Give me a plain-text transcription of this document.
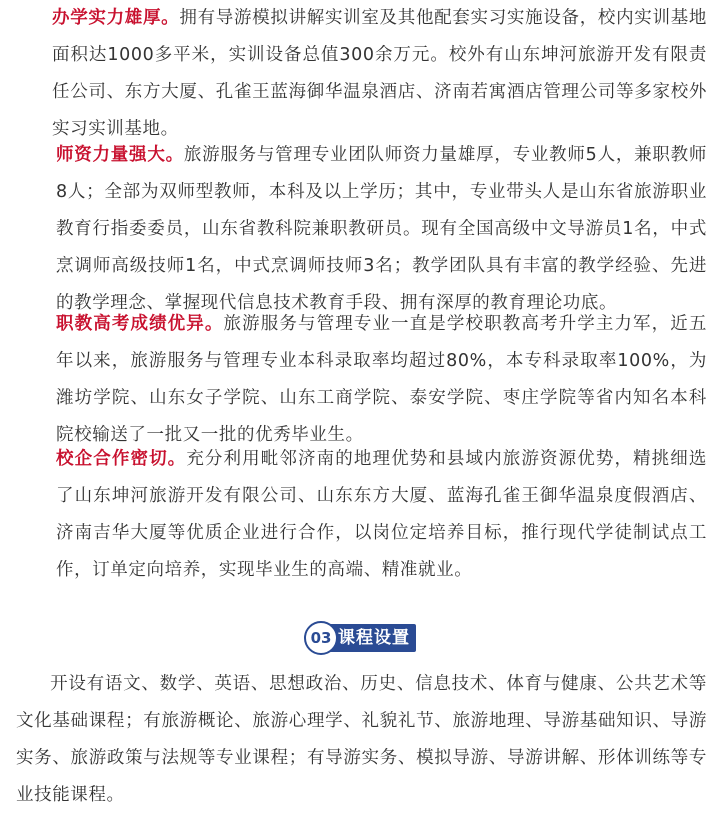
办学实力雄厚。拥有导游模拟讲解实训室及其他配套实习实施设备，校内实训基地面积达1000多平米，实训设备总值300余万元。校外有山东坤河旅游开发有限责任公司、东方大厦、孔雀王蓝海御华温泉酒店、济南若寓酒店管理公司等多家校外实习实训基地。

师资力量强大。旅游服务与管理专业团队师资力量雄厚，专业教师5人，兼职教师8人；全部为双师型教师，本科及以上学历；其中，专业带头人是山东省旅游职业教育行指委委员，山东省教科院兼职教研员。现有全国高级中文导游员1名，中式烹调师高级技师1名，中式烹调师技师3名；教学团队具有丰富的教学经验、先进的教学理念、掌握现代信息技术教育手段、拥有深厚的教育理论功底。

职教高考成绩优异。旅游服务与管理专业一直是学校职教高考升学主力军，近五年以来，旅游服务与管理专业本科录取率均超过80%，本专科录取率100%，为潍坊学院、山东女子学院、山东工商学院、泰安学院、枣庄学院等省内知名本科院校输送了一批又一批的优秀毕业生。

校企合作密切。充分利用毗邻济南的地理优势和县域内旅游资源优势，精挑细选了山东坤河旅游开发有限公司、山东东方大厦、蓝海孔雀王御华温泉度假酒店、济南吉华大厦等优质企业进行合作，以岗位定培养目标，推行现代学徒制试点工作，订单定向培养，实现毕业生的高端、精准就业。

03 课程设置

开设有语文、数学、英语、思想政治、历史、信息技术、体育与健康、公共艺术等文化基础课程；有旅游概论、旅游心理学、礼貌礼节、旅游地理、导游基础知识、导游实务、旅游政策与法规等专业课程；有导游实务、模拟导游、导游讲解、形体训练等专业技能课程。
